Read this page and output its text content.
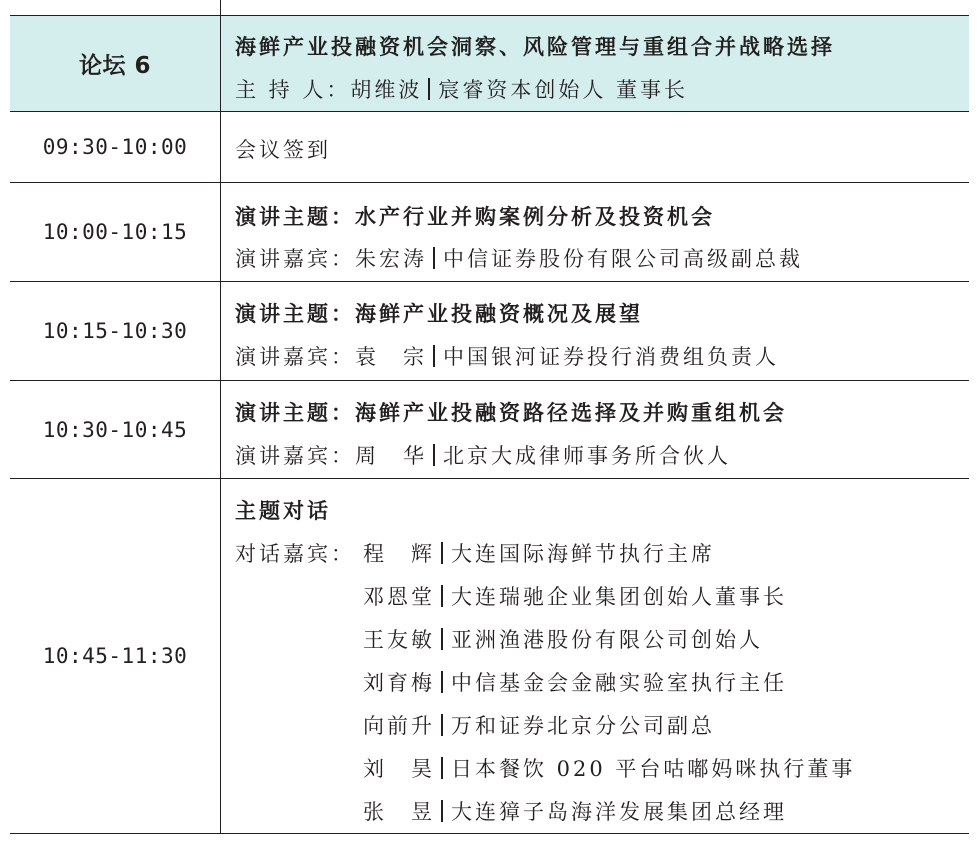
论坛 6
海鲜产业投融资机会洞察、风险管理与重组合并战略选择
主 持 人：胡维波 宸睿资本创始人 董事长
09:30-10:00	会议签到
10:00-10:15
演讲主题：水产行业并购案例分析及投资机会
演讲嘉宾：朱宏涛 中信证券股份有限公司高级副总裁
10:15-10:30
演讲主题：海鲜产业投融资概况及展望
演讲嘉宾：袁　宗 中国银河证券投行消费组负责人
10:30-10:45
演讲主题：海鲜产业投融资路径选择及并购重组机会
演讲嘉宾：周　华 北京大成律师事务所合伙人
10:45-11:30
主题对话
对话嘉宾： 程　辉 大连国际海鲜节执行主席
邓恩堂 大连瑞驰企业集团创始人董事长
王友敏 亚洲渔港股份有限公司创始人
刘育梅 中信基金会金融实验室执行主任
向前升 万和证券北京分公司副总
刘　昊 日本餐饮 020 平台咕嘟妈咪执行董事
张　昱 大连獐子岛海洋发展集团总经理
